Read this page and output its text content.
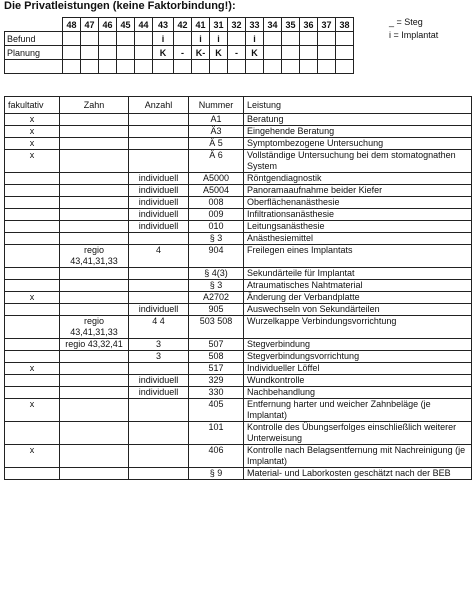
Die Privatleistungen (keine Faktorbindung!):
	48	47	46	45	44	43	42	41	31	32	33	34	35	36	37	38
Befund						i		i	i		i					
Planung						K	-	K-	K	-	K					

_ = Steg
i = Implantat
fakultativ	Zahn	Anzahl	Nummer	Leistung
x			A1	Beratung
x			Ä3	Eingehende Beratung
x			Ä 5	Symptombezogene Untersuchung
x			Ä 6	Vollständige Untersuchung bei dem stomatognathen System
		individuell	A5000	Röntgendiagnostik
		individuell	A5004	Panoramaaufnahme beider Kiefer
		individuell	008	Oberflächenanästhesie
		individuell	009	Infiltrationsanästhesie
		individuell	010	Leitungsanästhesie
			§ 3	Anästhesiemittel
	regio 43,41,31,33	4	904	Freilegen eines Implantats
			§ 4(3)	Sekundärteile für Implantat
			§ 3	Atraumatisches Nahtmaterial
x			A2702	Änderung der Verbandplatte
		individuell	905	Auswechseln von Sekundärteilen
	regio 43,41,31,33	4 4	503 508	Wurzelkappe Verbindungsvorrichtung
	regio 43,32,41	3	507	Stegverbindung
		3	508	Stegverbindungsvorrichtung
x			517	Individueller Löffel
		individuell	329	Wundkontrolle
		individuell	330	Nachbehandlung
x			405	Entfernung harter und weicher Zahnbeläge (je Implantat)
			101	Kontrolle des Übungserfolges einschließlich weiterer Unterweisung
x			406	Kontrolle nach Belagsentfernung mit Nachreinigung (je Implantat)
			§ 9	Material- und Laborkosten geschätzt nach der BEB
